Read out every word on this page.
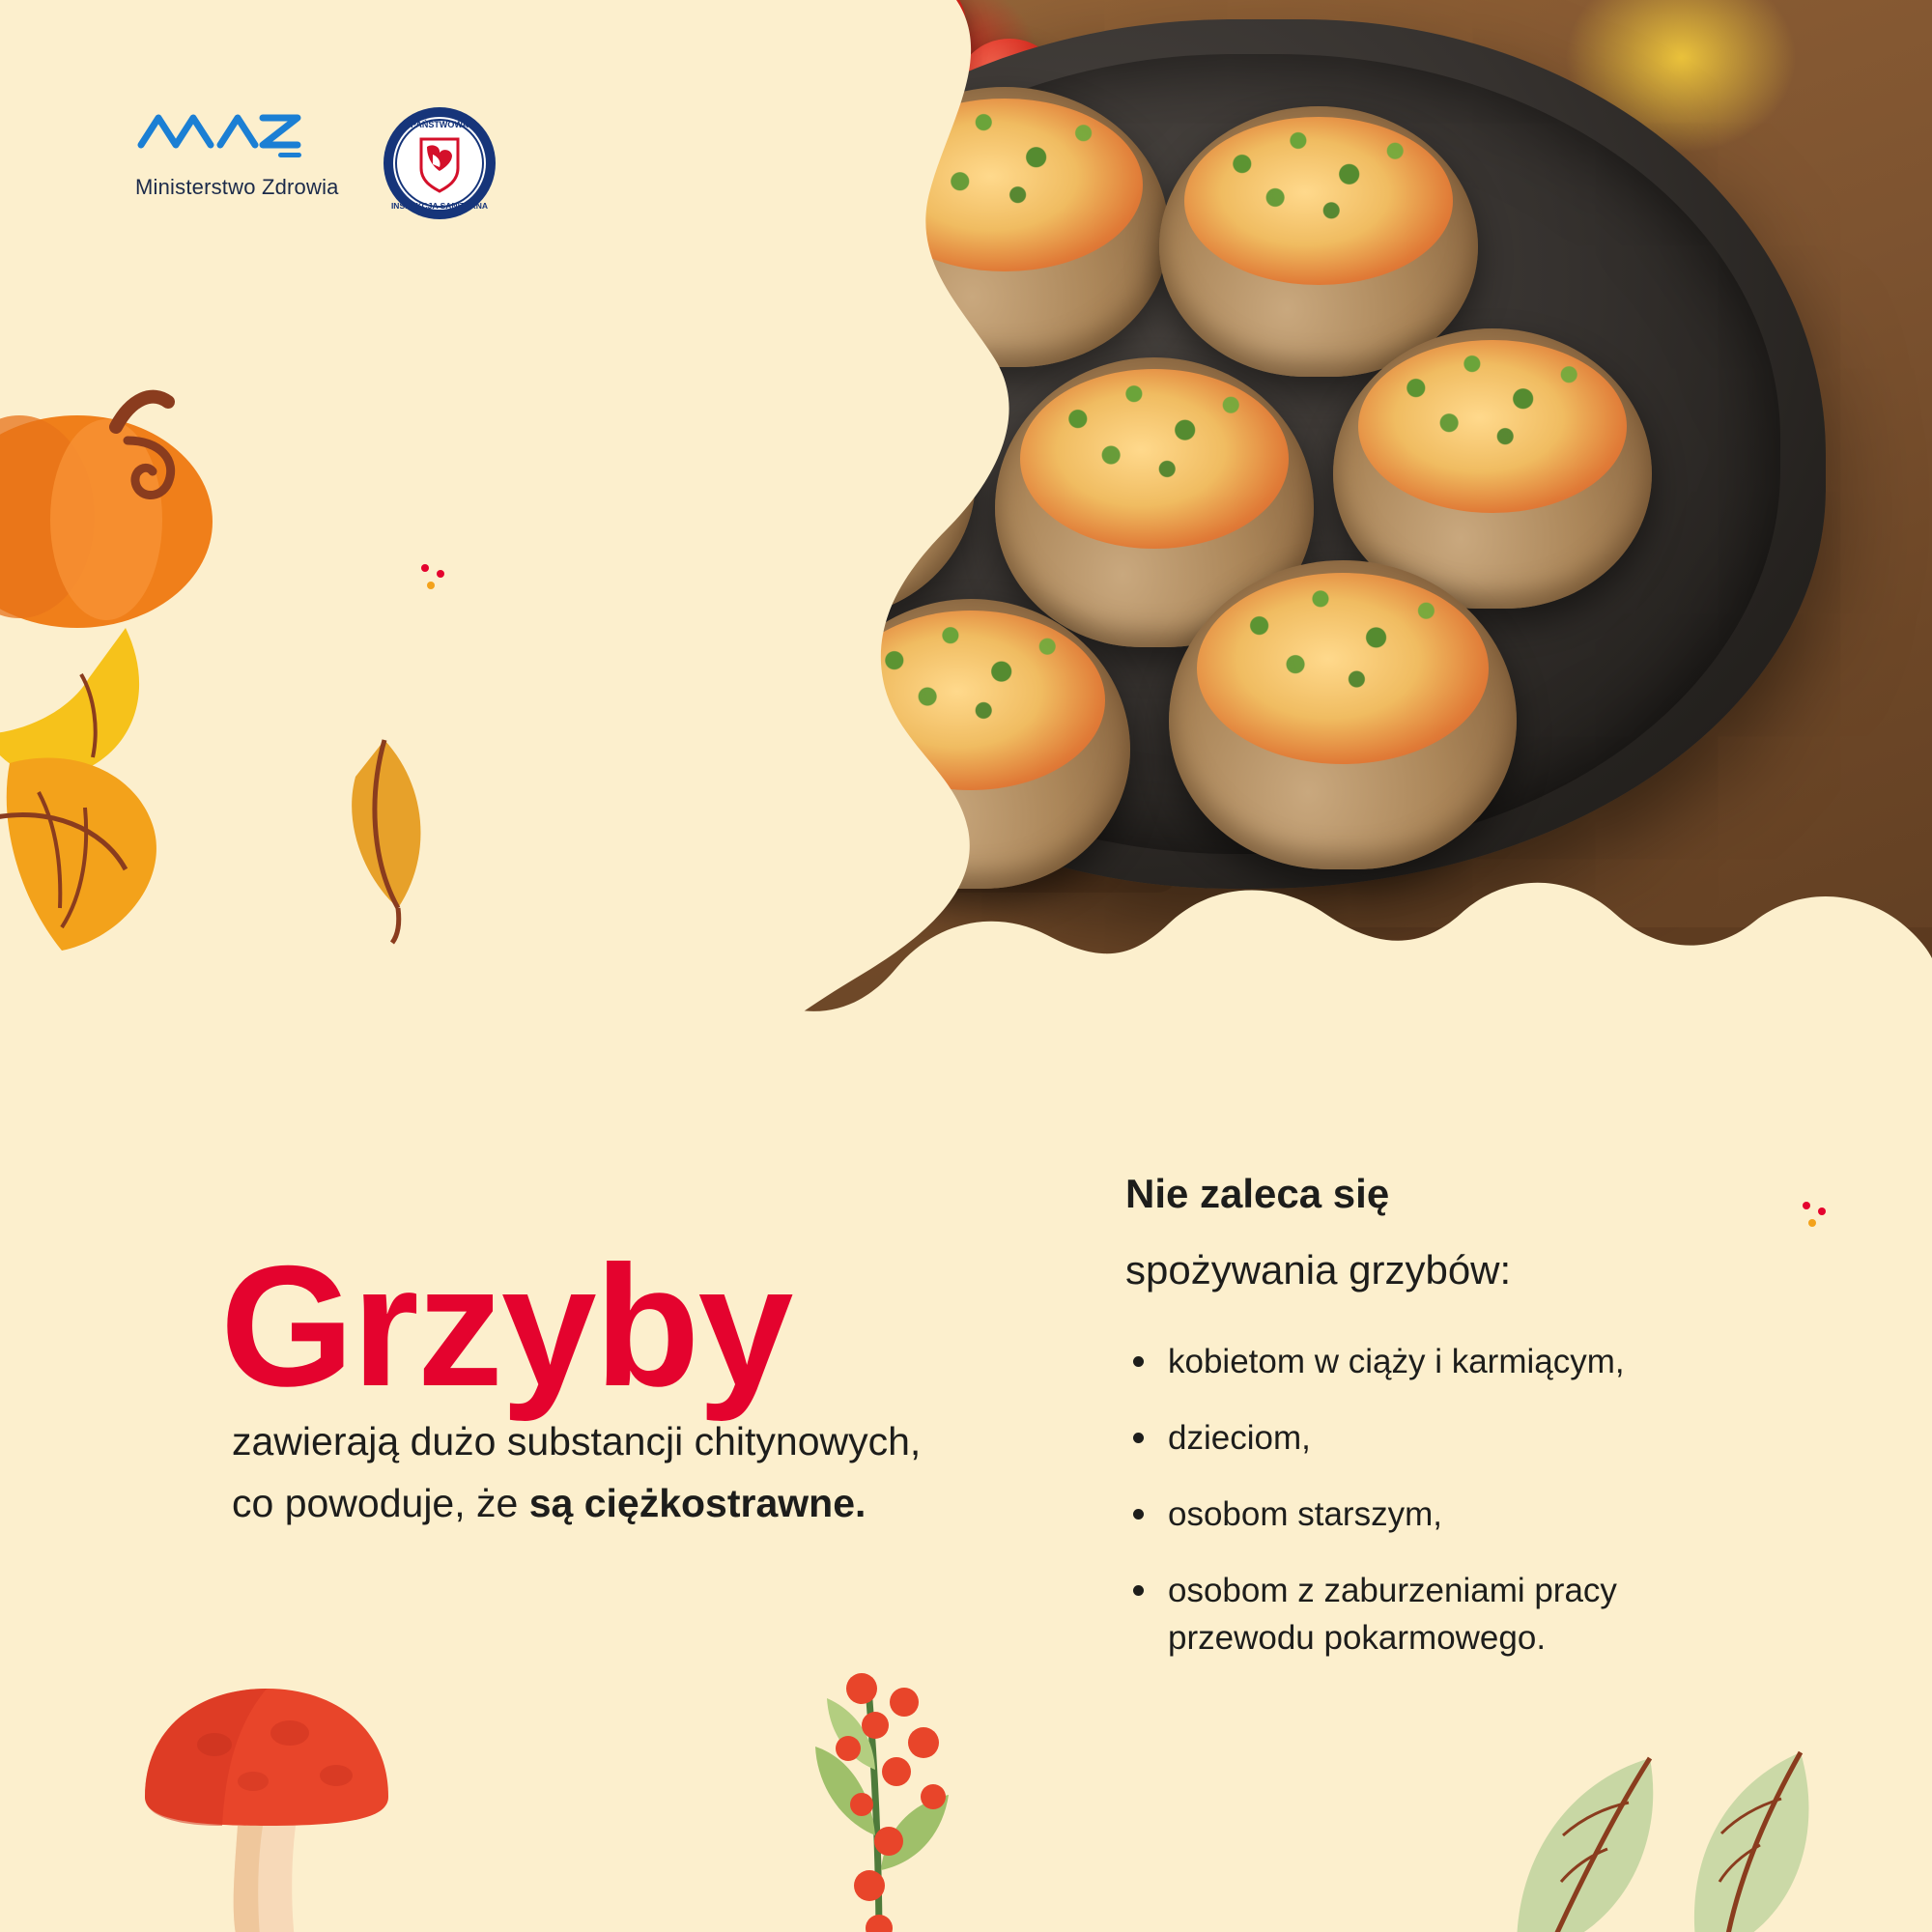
Ministerstwo Zdrowia
PAŃSTWOWA
INSPEKCJA SANITARNA
Grzyby

zawierają dużo substancji chitynowych, co powoduje, że są ciężkostrawne.

Nie zaleca się
spożywania grzybów:
kobietom w ciąży i karmiącym,
dzieciom,
osobom starszym,
osobom z zaburzeniami pracy przewodu pokarmowego.
